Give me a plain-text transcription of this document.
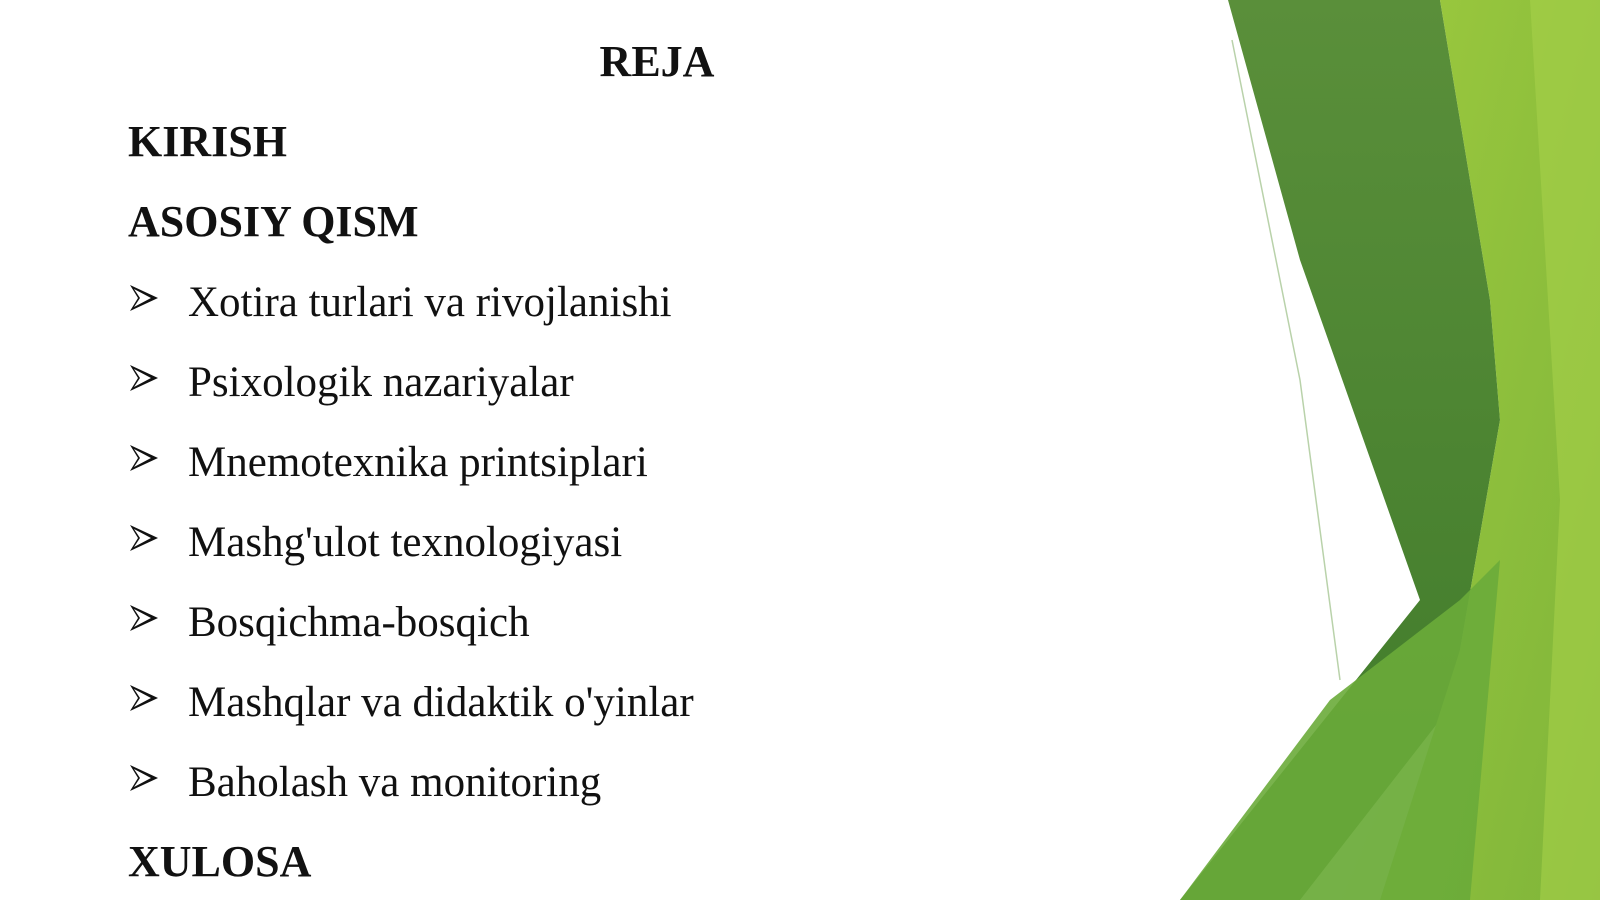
REJA
KIRISH
ASOSIY QISM
Xotira turlari va rivojlanishi
Psixologik nazariyalar
Mnemotexnika printsiplari
Mashg'ulot texnologiyasi
Bosqichma-bosqich
Mashqlar va didaktik o'yinlar
Baholash va monitoring
XULOSA
